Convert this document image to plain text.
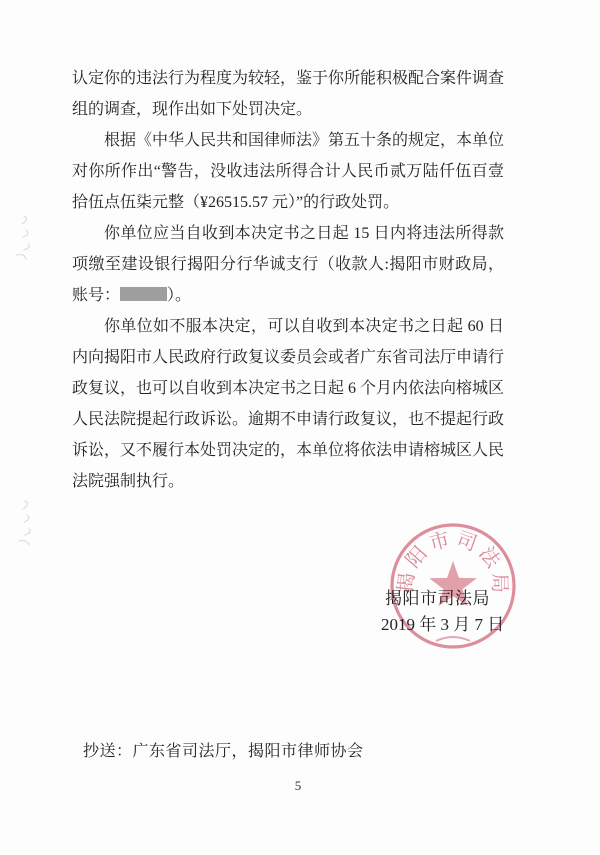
认定你的违法行为程度为较轻，鉴于你所能积极配合案件调查组的调查，现作出如下处罚决定。

根据《中华人民共和国律师法》第五十条的规定，本单位对你所作出“警告，没收违法所得合计人民币贰万陆仟伍百壹拾伍点伍柒元整（¥26515.57 元）”的行政处罚。

你单位应当自收到本决定书之日起 15 日内将违法所得款项缴至建设银行揭阳分行华诚支行（收款人:揭阳市财政局，账号：	）。

你单位如不服本决定，可以自收到本决定书之日起 60 日内向揭阳市人民政府行政复议委员会或者广东省司法厅申请行政复议，也可以自收到本决定书之日起 6 个月内依法向榕城区人民法院提起行政诉讼。逾期不申请行政复议，也不提起行政诉讼，又不履行本处罚决定的，本单位将依法申请榕城区人民法院强制执行。

揭阳市司法局
2019 年 3 月 7 日
揭阳市司法局
抄送：广东省司法厅，揭阳市律师协会
5
